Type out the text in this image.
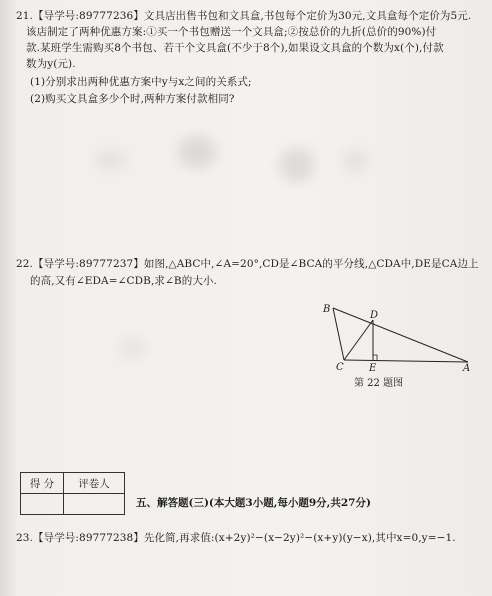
21.【导学号:89777236】文具店出售书包和文具盒,书包每个定价为30元,文具盒每个定价为5元.
该店制定了两种优惠方案:①买一个书包赠送一个文具盒;②按总价的九折(总价的90%)付
款.某班学生需购买8个书包、若干个文具盒(不少于8个),如果设文具盒的个数为x(个),付款
数为y(元).
(1)分别求出两种优惠方案中y与x之间的关系式;
(2)购买文具盒多少个时,两种方案付款相同?
22.【导学号:89777237】如图,△ABC中,∠A=20°,CD是∠BCA的平分线,△CDA中,DE是CA边上
的高,又有∠EDA=∠CDB,求∠B的大小.
B
D
C	E	A
第 22 题图
得 分	评卷人

五、解答题(三)(本大题3小题,每小题9分,共27分)
23.【导学号:89777238】先化简,再求值:(x+2y)²−(x−2y)²−(x+y)(y−x),其中x=0,y=−1.
